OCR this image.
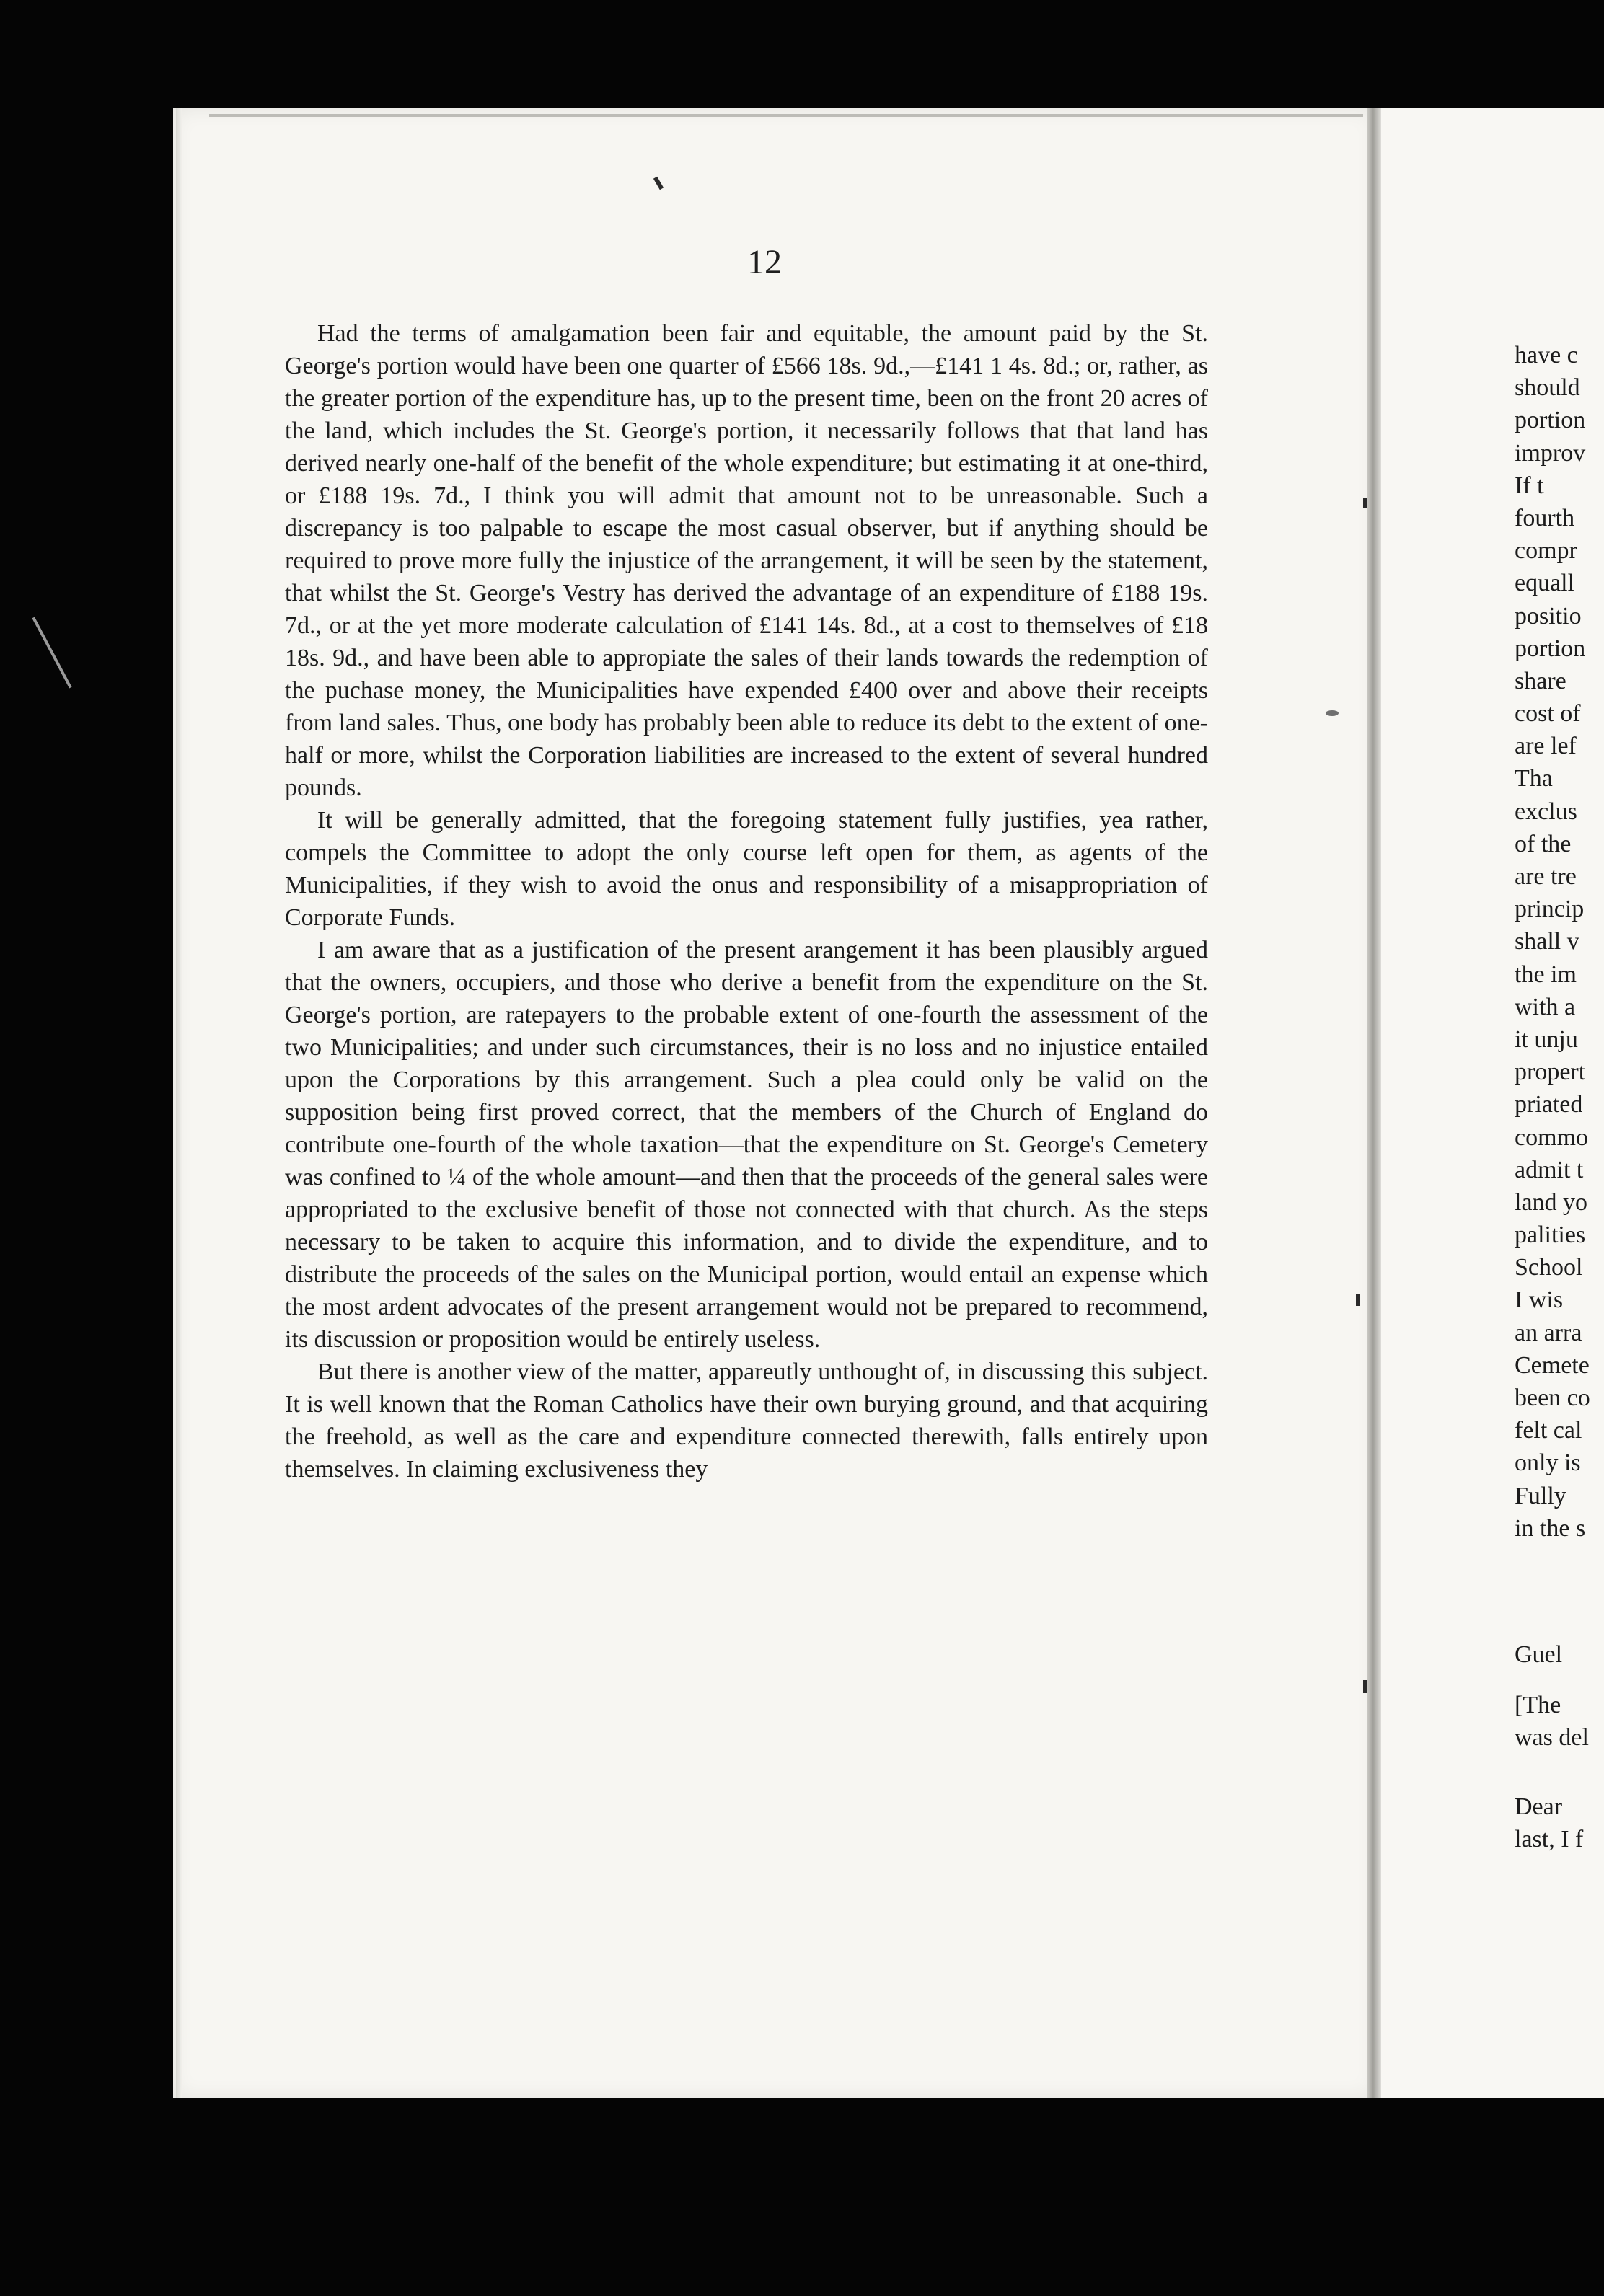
12

Had the terms of amalgamation been fair and equitable, the amount paid by the St. George's portion would have been one quarter of £566 18s. 9d.,—£141 1 4s. 8d.; or, rather, as the greater portion of the expenditure has, up to the present time, been on the front 20 acres of the land, which includes the St. George's portion, it necessarily follows that that land has derived nearly one-half of the benefit of the whole expenditure; but estimating it at one-third, or £188 19s. 7d., I think you will admit that amount not to be unreasonable. Such a discrepancy is too palpable to escape the most casual observer, but if anything should be required to prove more fully the injustice of the arrangement, it will be seen by the statement, that whilst the St. George's Vestry has derived the advantage of an expenditure of £188 19s. 7d., or at the yet more moderate calculation of £141 14s. 8d., at a cost to themselves of £18 18s. 9d., and have been able to appropiate the sales of their lands towards the redemption of the puchase money, the Municipalities have expended £400 over and above their receipts from land sales. Thus, one body has probably been able to reduce its debt to the extent of one-half or more, whilst the Corporation liabilities are increased to the extent of several hundred pounds.

It will be generally admitted, that the foregoing statement fully justifies, yea rather, compels the Committee to adopt the only course left open for them, as agents of the Municipalities, if they wish to avoid the onus and responsibility of a misappropriation of Corporate Funds.

I am aware that as a justification of the present arangement it has been plausibly argued that the owners, occupiers, and those who derive a benefit from the expenditure on the St. George's portion, are ratepayers to the probable extent of one-fourth the assessment of the two Municipalities; and under such circumstances, their is no loss and no injustice entailed upon the Corporations by this arrangement. Such a plea could only be valid on the supposition being first proved correct, that the members of the Church of England do contribute one-fourth of the whole taxation—that the expenditure on St. George's Cemetery was confined to ¼ of the whole amount—and then that the proceeds of the general sales were appropriated to the exclusive benefit of those not connected with that church. As the steps necessary to be taken to acquire this information, and to divide the expenditure, and to distribute the proceeds of the sales on the Municipal portion, would entail an expense which the most ardent advocates of the present arrangement would not be prepared to recommend, its discussion or proposition would be entirely useless.

But there is another view of the matter, appareutly unthought of, in discussing this subject. It is well known that the Roman Catholics have their own burying ground, and that acquiring the freehold, as well as the care and expenditure connected therewith, falls entirely upon themselves. In claiming exclusiveness they

have c
should
portion
improv
If t
fourth
compr
equall
positio
portion
share
cost of
are lef
Tha
exclus
of the
are tre
princip
shall v
the im
with a
it unju
propert
priated
commo
admit t
land yo
palities
School
I wis
an arra
Cemete
been co
felt cal
only is
Fully
in the s
Guel
[The
was del
Dear
last, I f
